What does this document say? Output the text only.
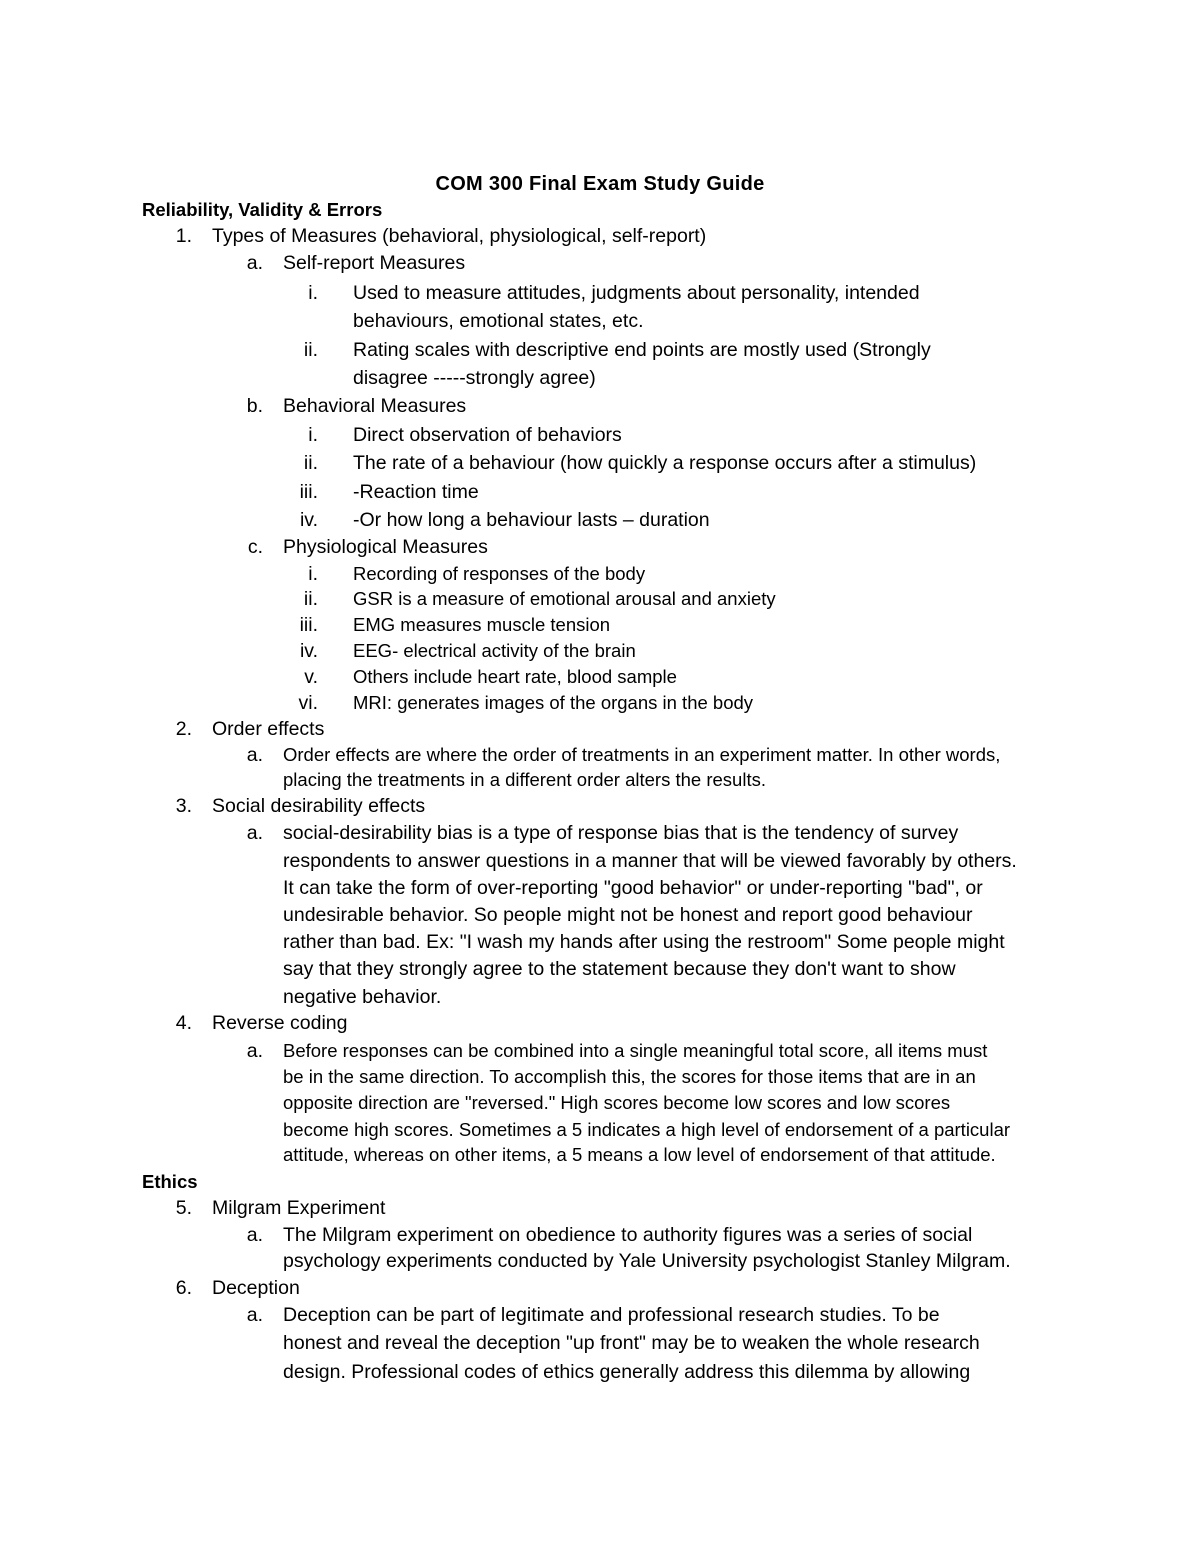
COM 300 Final Exam Study Guide
Reliability, Validity & Errors
1. Types of Measures (behavioral, physiological, self-report)
a. Self-report Measures
i. Used to measure attitudes, judgments about personality, intended
behaviours, emotional states, etc.
ii. Rating scales with descriptive end points are mostly used (Strongly
disagree -----strongly agree)
b. Behavioral Measures
i. Direct observation of behaviors
ii. The rate of a behaviour (how quickly a response occurs after a stimulus)
iii. -Reaction time
iv. -Or how long a behaviour lasts – duration
c. Physiological Measures
i. Recording of responses of the body
ii. GSR is a measure of emotional arousal and anxiety
iii. EMG measures muscle tension
iv. EEG- electrical activity of the brain
v. Others include heart rate, blood sample
vi. MRI: generates images of the organs in the body
2. Order effects
a. Order effects are where the order of treatments in an experiment matter. In other words,
placing the treatments in a different order alters the results.
3. Social desirability effects
a. social-desirability bias is a type of response bias that is the tendency of survey
respondents to answer questions in a manner that will be viewed favorably by others.
It can take the form of over-reporting "good behavior" or under-reporting "bad", or
undesirable behavior. So people might not be honest and report good behaviour
rather than bad. Ex: "I wash my hands after using the restroom" Some people might
say that they strongly agree to the statement because they don't want to show
negative behavior.
4. Reverse coding
a. Before responses can be combined into a single meaningful total score, all items must
be in the same direction. To accomplish this, the scores for those items that are in an
opposite direction are "reversed." High scores become low scores and low scores
become high scores. Sometimes a 5 indicates a high level of endorsement of a particular
attitude, whereas on other items, a 5 means a low level of endorsement of that attitude.
Ethics
5. Milgram Experiment
a. The Milgram experiment on obedience to authority figures was a series of social
psychology experiments conducted by Yale University psychologist Stanley Milgram.
6. Deception
a. Deception can be part of legitimate and professional research studies. To be
honest and reveal the deception "up front" may be to weaken the whole research
design. Professional codes of ethics generally address this dilemma by allowing
